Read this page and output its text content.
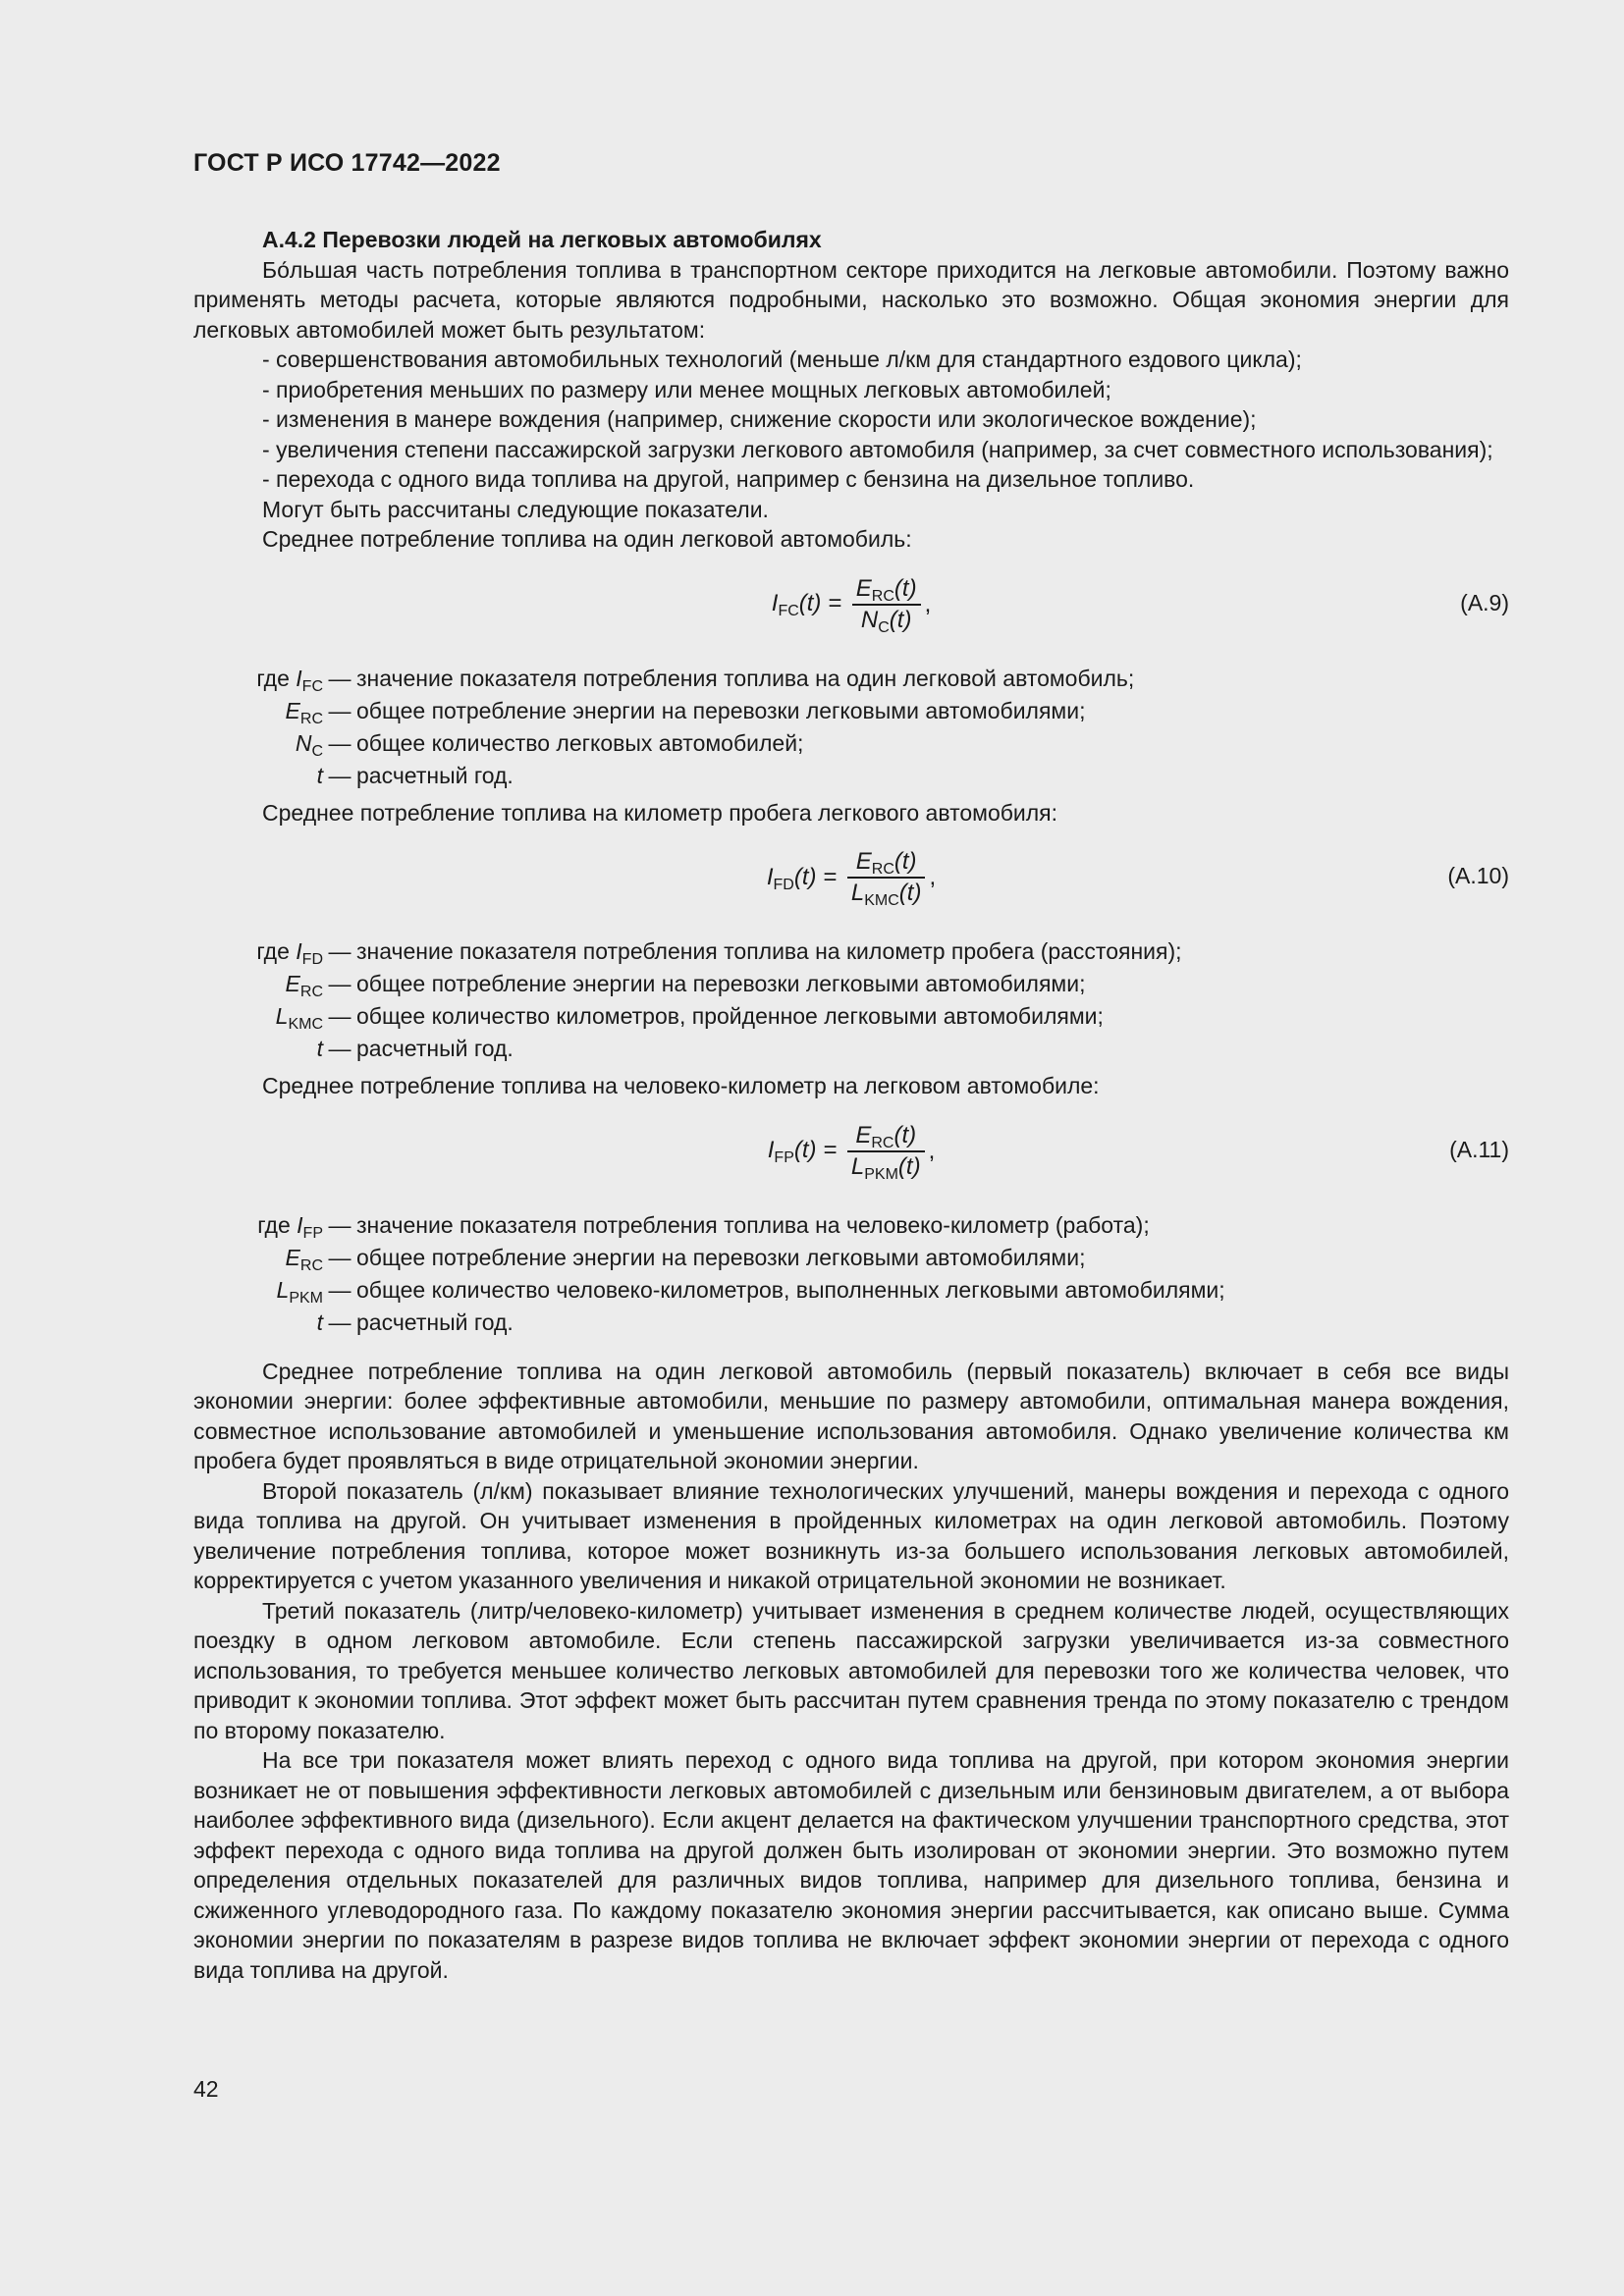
ГОСТ Р ИСО 17742—2022

А.4.2 Перевозки людей на легковых автомобилях

Бо́льшая часть потребления топлива в транспортном секторе приходится на легковые автомобили. Поэтому важно применять методы расчета, которые являются подробными, насколько это возможно. Общая экономия энергии для легковых автомобилей может быть результатом:

- совершенствования автомобильных технологий (меньше л/км для стандартного ездового цикла);

- приобретения меньших по размеру или менее мощных легковых автомобилей;

- изменения в манере вождения (например, снижение скорости или экологическое вождение);

- увеличения степени пассажирской загрузки легкового автомобиля (например, за счет совместного использования);

- перехода с одного вида топлива на другой, например с бензина на дизельное топливо.

Могут быть рассчитаны следующие показатели.

Среднее потребление топлива на один легковой автомобиль:

$I_{FC}(t) = \frac{E_{RC}(t)}{N_C(t)}$ ,	(A.9)
где $I_{FC}$ — значение показателя потребления топлива на один легковой автомобиль;
$E_{RC}$ — общее потребление энергии на перевозки легковыми автомобилями;
$N_C$ — общее количество легковых автомобилей;
t — расчетный год.

Среднее потребление топлива на километр пробега легкового автомобиля:

$I_{FD}(t) = \frac{E_{RC}(t)}{L_{KMC}(t)}$ ,	(A.10)
где $I_{FD}$ — значение показателя потребления топлива на километр пробега (расстояния);
$E_{RC}$ — общее потребление энергии на перевозки легковыми автомобилями;
$L_{KMC}$ — общее количество километров, пройденное легковыми автомобилями;
t — расчетный год.

Среднее потребление топлива на человеко-километр на легковом автомобиле:

$I_{FP}(t) = \frac{E_{RC}(t)}{L_{PKM}(t)}$ ,	(A.11)
где $I_{FP}$ — значение показателя потребления топлива на человеко-километр (работа);
$E_{RC}$ — общее потребление энергии на перевозки легковыми автомобилями;
$L_{PKM}$ — общее количество человеко-километров, выполненных легковыми автомобилями;
t — расчетный год.

Среднее потребление топлива на один легковой автомобиль (первый показатель) включает в себя все виды экономии энергии: более эффективные автомобили, меньшие по размеру автомобили, оптимальная манера вождения, совместное использование автомобилей и уменьшение использования автомобиля. Однако увеличение количества км пробега будет проявляться в виде отрицательной экономии энергии.

Второй показатель (л/км) показывает влияние технологических улучшений, манеры вождения и перехода с одного вида топлива на другой. Он учитывает изменения в пройденных километрах на один легковой автомобиль. Поэтому увеличение потребления топлива, которое может возникнуть из-за большего использования легковых автомобилей, корректируется с учетом указанного увеличения и никакой отрицательной экономии не возникает.

Третий показатель (литр/человеко-километр) учитывает изменения в среднем количестве людей, осуществляющих поездку в одном легковом автомобиле. Если степень пассажирской загрузки увеличивается из-за совместного использования, то требуется меньшее количество легковых автомобилей для перевозки того же количества человек, что приводит к экономии топлива. Этот эффект может быть рассчитан путем сравнения тренда по этому показателю с трендом по второму показателю.

На все три показателя может влиять переход с одного вида топлива на другой, при котором экономия энергии возникает не от повышения эффективности легковых автомобилей с дизельным или бензиновым двигателем, а от выбора наиболее эффективного вида (дизельного). Если акцент делается на фактическом улучшении транспортного средства, этот эффект перехода с одного вида топлива на другой должен быть изолирован от экономии энергии. Это возможно путем определения отдельных показателей для различных видов топлива, например для дизельного топлива, бензина и сжиженного углеводородного газа. По каждому показателю экономия энергии рассчитывается, как описано выше. Сумма экономии энергии по показателям в разрезе видов топлива не включает эффект экономии энергии от перехода с одного вида топлива на другой.

42
